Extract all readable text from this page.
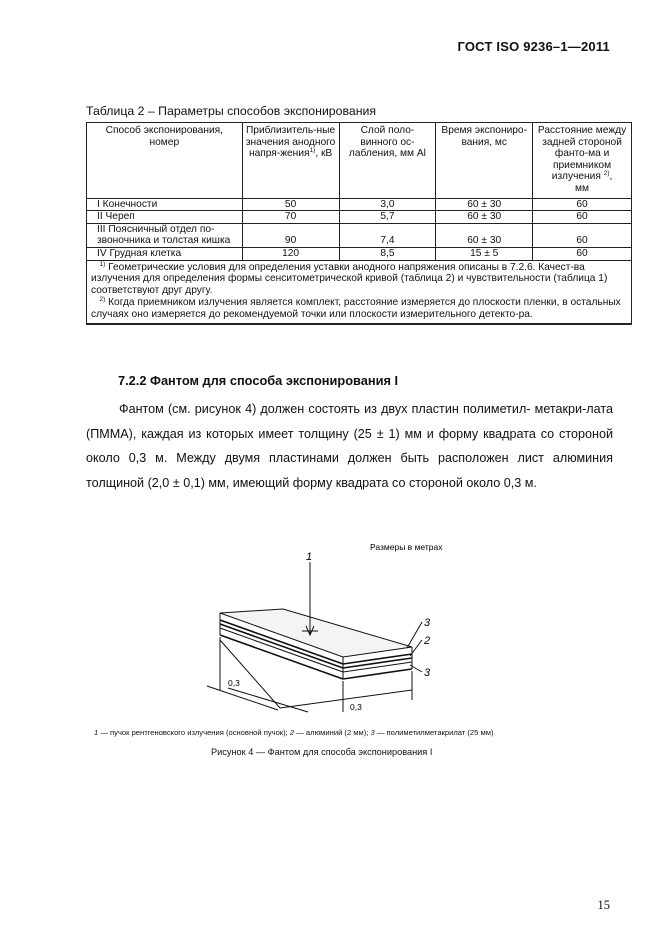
ГОСТ ISO 9236–1—2011
Таблица 2 – Параметры способов экспонирования
Способ экспонирования, номер	Приблизитель-ные значения анодного напря-жения$^{1)}$, кВ	Слой поло-винного ос-лабления, мм Al	Время экспониро-вания, мс	Расстояние между задней стороной фанто-ма и приемником излучения $^{2)}$,
мм
I Конечности	50	3,0	60 ± 30	60
II Череп	70	5,7	60 ± 30	60
III Поясничный отдел по-звоночника и толстая кишка	90	7,4	60 ± 30	60
IV Грудная клетка	120	8,5	15 ± 5	60

$^{1)}$ Геометрические условия для определения уставки анодного напряжения описаны в 7.2.6. Качест-ва излучения для определения формы сенситометрической кривой (таблица 2) и чувствительности (таблица 1) соответствуют друг другу.
$^{2)}$ Когда приемником излучения является комплект, расстояние измеряется до плоскости пленки, в остальных случаях оно измеряется до рекомендуемой точки или плоскости измерительного детекто-ра.				
7.2.2 Фантом для способа экспонирования I
Фантом (см. рисунок 4) должен состоять из двух пластин полиметил- метакри-лата (ПММА), каждая из которых имеет толщину (25 ± 1) мм и форму квадрата со стороной около 0,3 м. Между двумя пластинами должен быть расположен лист алюминия толщиной (2,0 ± 0,1) мм, имеющий форму квадрата со стороной около 0,3 м.
Размеры в метрах
1
3
2
3
0,3
0,3
1 — пучок рентгеновского излучения (основной пучок); 2 — алюминий (2 мм); 3 — полиметилметакрилат (25 мм)
Рисунок 4 — Фантом для способа экспонирования I
15
